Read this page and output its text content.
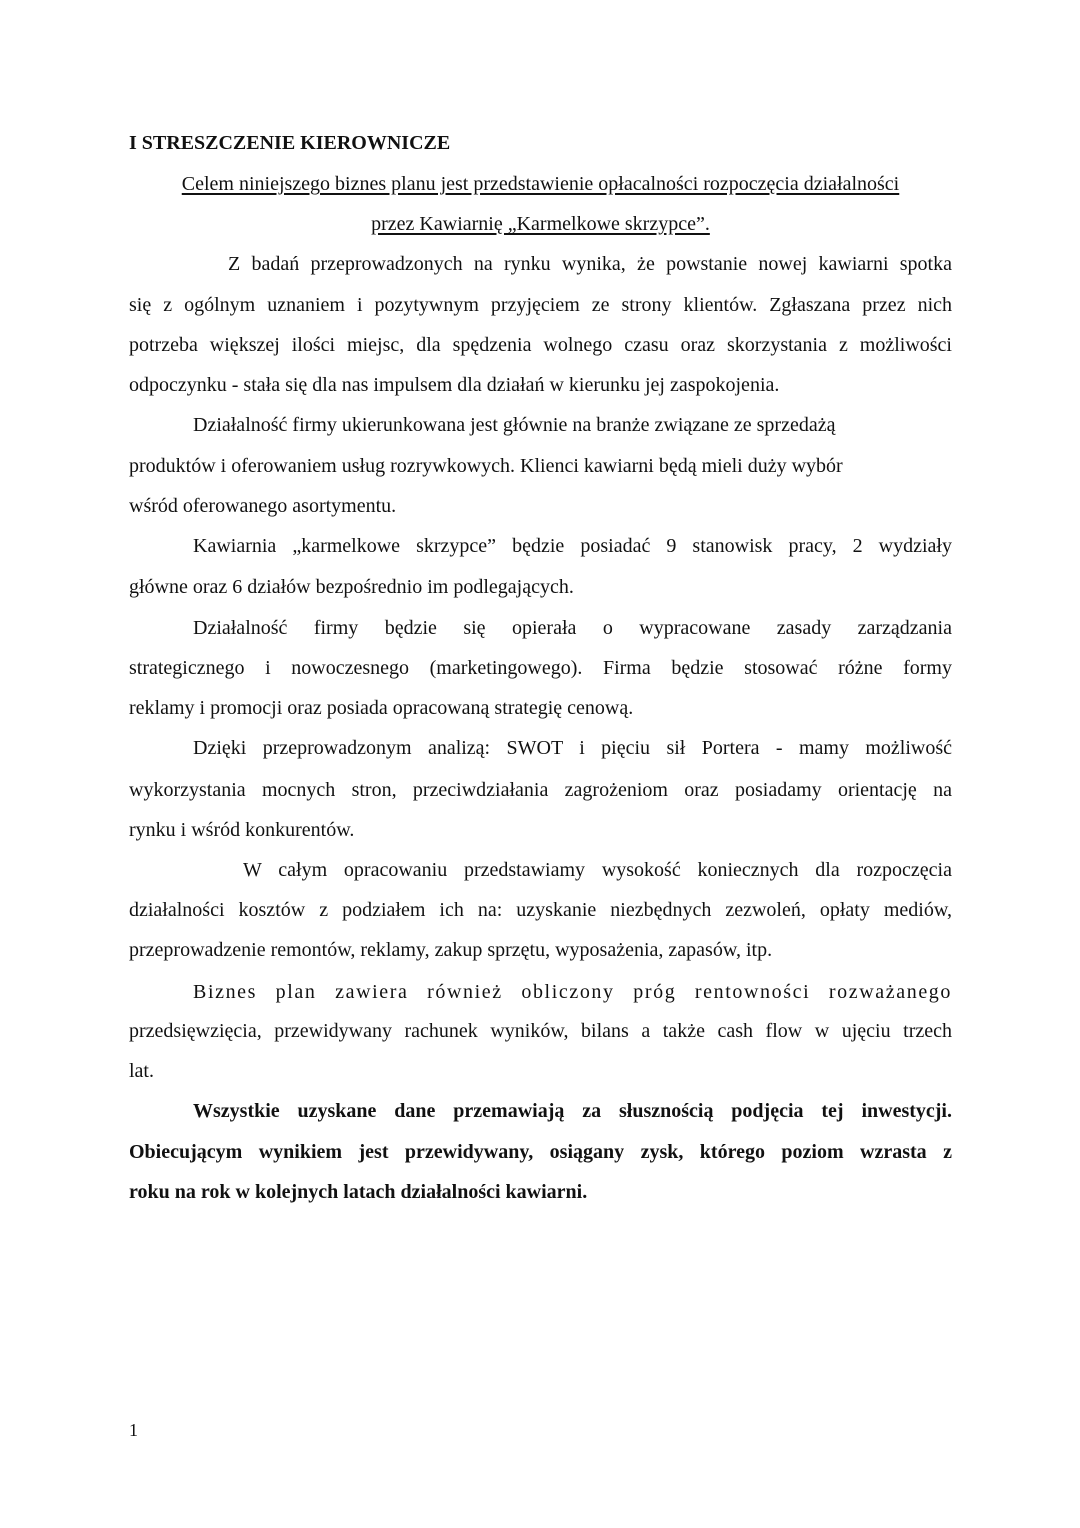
I STRESZCZENIE KIEROWNICZE
Celem niniejszego biznes planu jest przedstawienie opłacalności rozpoczęcia działalności
przez Kawiarnię „Karmelkowe skrzypce”.
Z badań przeprowadzonych na rynku wynika, że powstanie nowej kawiarni spotka
się z ogólnym uznaniem i pozytywnym przyjęciem ze strony klientów. Zgłaszana przez nich
potrzeba większej ilości miejsc, dla spędzenia wolnego czasu oraz skorzystania z możliwości
odpoczynku - stała się dla nas impulsem dla działań w kierunku jej zaspokojenia.
Działalność firmy ukierunkowana jest głównie na branże związane ze sprzedażą
produktów i oferowaniem usług rozrywkowych. Klienci kawiarni będą mieli duży wybór
wśród oferowanego asortymentu.
Kawiarnia „karmelkowe skrzypce” będzie posiadać 9 stanowisk pracy, 2 wydziały
główne oraz 6 działów bezpośrednio im podlegających.
Działalność firmy będzie się opierała o wypracowane zasady zarządzania
strategicznego i nowoczesnego (marketingowego). Firma będzie stosować różne formy
reklamy i promocji oraz posiada opracowaną strategię cenową.
Dzięki przeprowadzonym analizą: SWOT i pięciu sił Portera - mamy możliwość
wykorzystania mocnych stron, przeciwdziałania zagrożeniom oraz posiadamy orientację na
rynku i wśród konkurentów.
W całym opracowaniu przedstawiamy wysokość koniecznych dla rozpoczęcia
działalności kosztów z podziałem ich na: uzyskanie niezbędnych zezwoleń, opłaty mediów,
przeprowadzenie remontów, reklamy, zakup sprzętu, wyposażenia, zapasów, itp.
Biznes plan zawiera również obliczony próg rentowności rozważanego
przedsięwzięcia, przewidywany rachunek wyników, bilans a także cash flow w ujęciu trzech
lat.
Wszystkie uzyskane dane przemawiają za słusznością podjęcia tej inwestycji.
Obiecującym wynikiem jest przewidywany, osiągany zysk, którego poziom wzrasta z
roku na rok w kolejnych latach działalności kawiarni.
1
